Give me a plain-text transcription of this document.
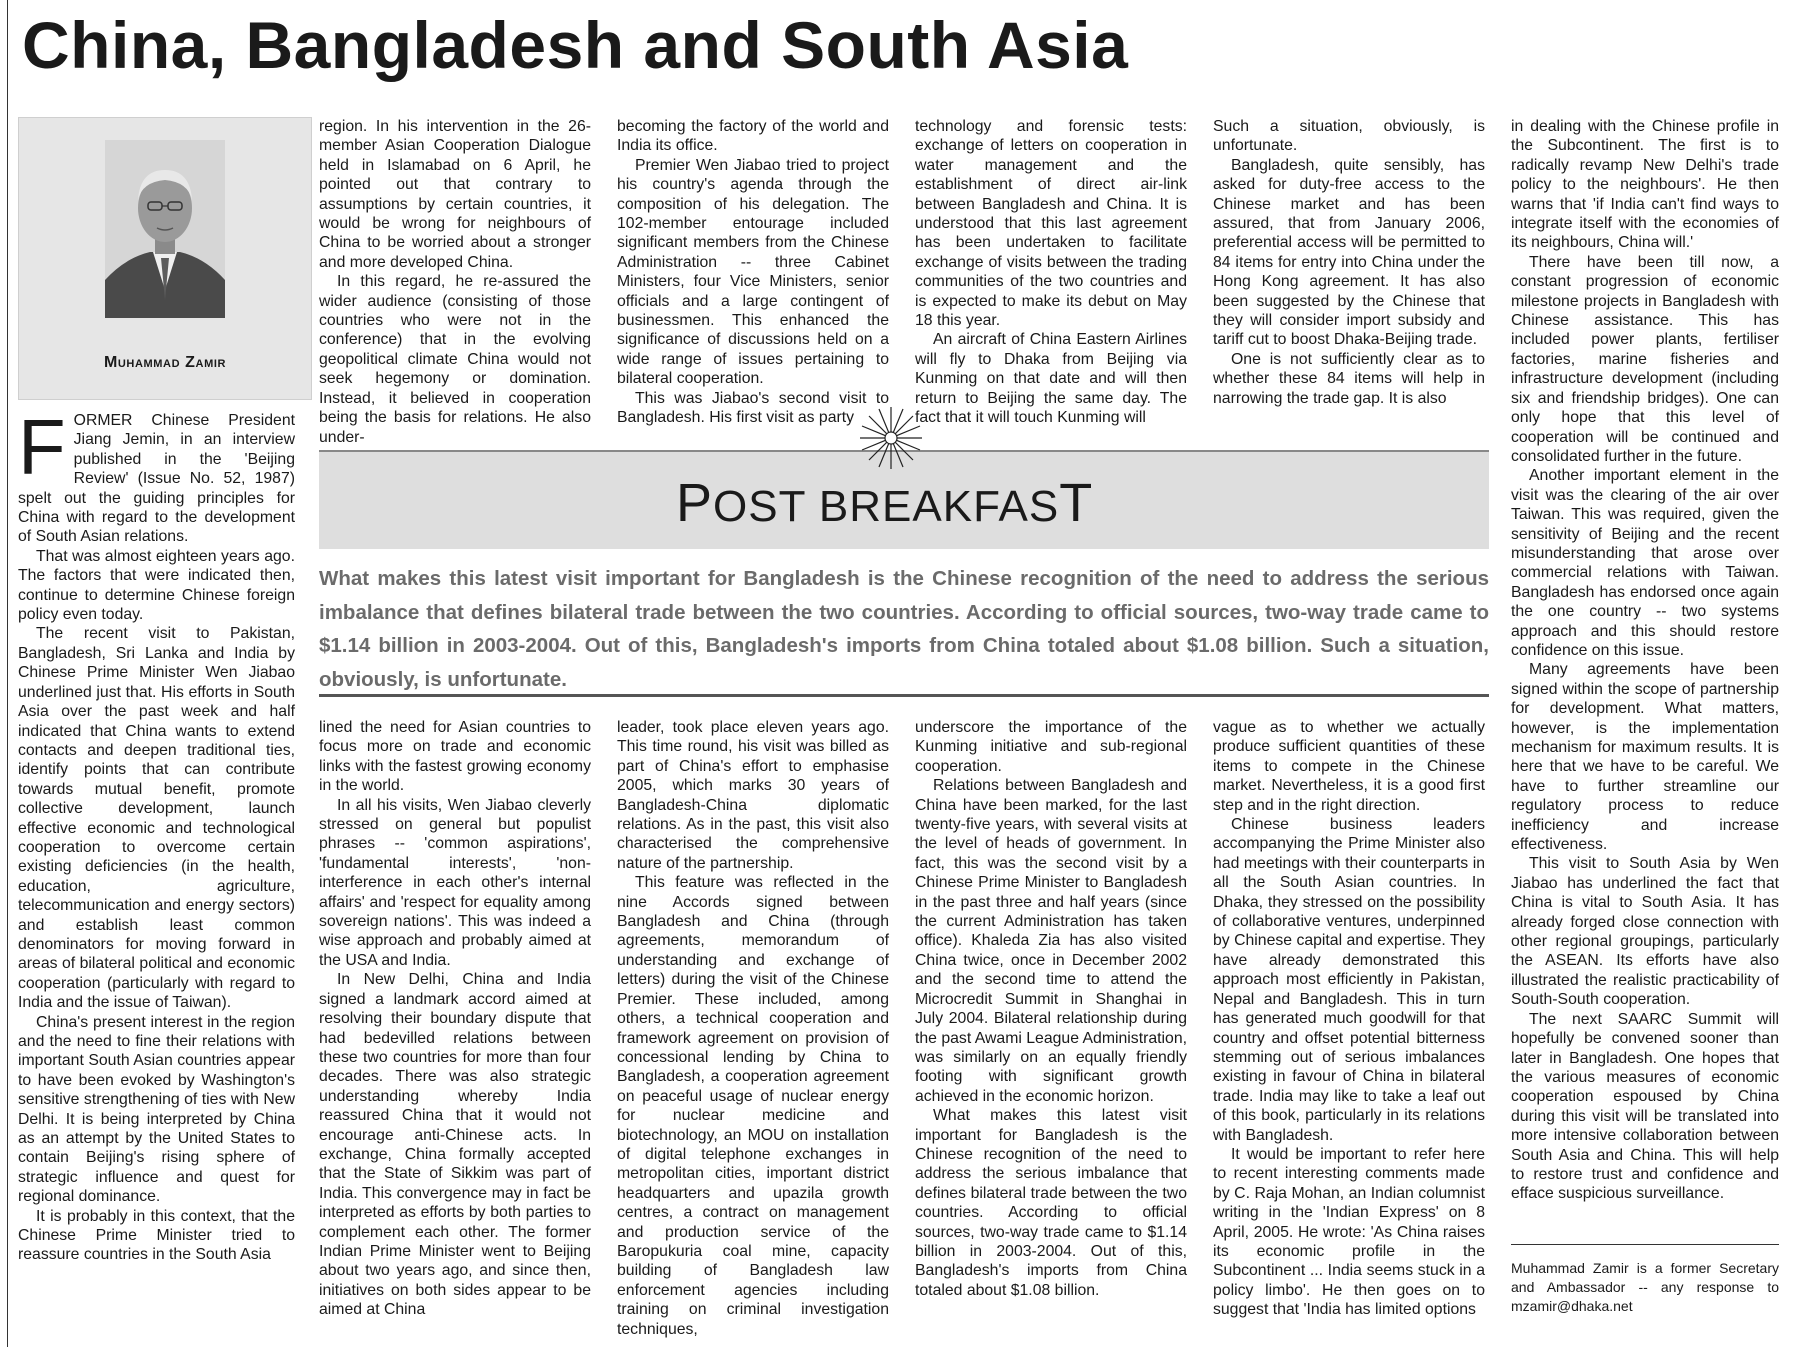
China, Bangladesh and South Asia
Muhammad Zamir

FORMER Chinese President Jiang Jemin, in an interview published in the 'Beijing Review' (Issue No. 52, 1987) spelt out the guiding principles for China with regard to the development of South Asian relations.

That was almost eighteen years ago. The factors that were indicated then, continue to determine Chinese foreign policy even today.

The recent visit to Pakistan, Bangladesh, Sri Lanka and India by Chinese Prime Minister Wen Jiabao underlined just that. His efforts in South Asia over the past week and half indicated that China wants to extend contacts and deepen traditional ties, identify points that can contribute towards mutual benefit, promote collective development, launch effective economic and technological cooperation to overcome certain existing deficiencies (in the health, education, agriculture, telecommunication and energy sectors) and establish least common denominators for moving forward in areas of bilateral political and economic cooperation (particularly with regard to India and the issue of Taiwan).

China's present interest in the region and the need to fine their relations with important South Asian countries appear to have been evoked by Washington's sensitive strengthening of ties with New Delhi. It is being interpreted by China as an attempt by the United States to contain Beijing's rising sphere of strategic influence and quest for regional dominance.

It is probably in this context, that the Chinese Prime Minister tried to reassure countries in the South Asia

region. In his intervention in the 26-member Asian Cooperation Dialogue held in Islamabad on 6 April, he pointed out that contrary to assumptions by certain countries, it would be wrong for neighbours of China to be worried about a stronger and more developed China.

In this regard, he re-assured the wider audience (consisting of those countries who were not in the conference) that in the evolving geopolitical climate China would not seek hegemony or domination. Instead, it believed in cooperation being the basis for relations. He also under-

becoming the factory of the world and India its office.

Premier Wen Jiabao tried to project his country's agenda through the composition of his delegation. The 102-member entourage included significant members from the Chinese Administration -- three Cabinet Ministers, four Vice Ministers, senior officials and a large contingent of businessmen. This enhanced the significance of discussions held on a wide range of issues pertaining to bilateral cooperation.

This was Jiabao's second visit to Bangladesh. His first visit as party

technology and forensic tests: exchange of letters on cooperation in water management and the establishment of direct air-link between Bangladesh and China. It is understood that this last agreement has been undertaken to facilitate exchange of visits between the trading communities of the two countries and is expected to make its debut on May 18 this year.

An aircraft of China Eastern Airlines will fly to Dhaka from Beijing via Kunming on that date and will then return to Beijing the same day. The fact that it will touch Kunming will

Such a situation, obviously, is unfortunate.

Bangladesh, quite sensibly, has asked for duty-free access to the Chinese market and has been assured, that from January 2006, preferential access will be permitted to 84 items for entry into China under the Hong Kong agreement. It has also been suggested by the Chinese that they will consider import subsidy and tariff cut to boost Dhaka-Beijing trade.

One is not sufficiently clear as to whether these 84 items will help in narrowing the trade gap. It is also

POST BREAKFAST
What makes this latest visit important for Bangladesh is the Chinese recognition of the need to address the serious imbalance that defines bilateral trade between the two countries. According to official sources, two-way trade came to $1.14 billion in 2003-2004. Out of this, Bangladesh's imports from China totaled about $1.08 billion. Such a situation, obviously, is unfortunate.

lined the need for Asian countries to focus more on trade and economic links with the fastest growing economy in the world.

In all his visits, Wen Jiabao cleverly stressed on general but populist phrases -- 'common aspirations', 'fundamental interests', 'non-interference in each other's internal affairs' and 'respect for equality among sovereign nations'. This was indeed a wise approach and probably aimed at the USA and India.

In New Delhi, China and India signed a landmark accord aimed at resolving their boundary dispute that had bedevilled relations between these two countries for more than four decades. There was also strategic understanding whereby India reassured China that it would not encourage anti-Chinese acts. In exchange, China formally accepted that the State of Sikkim was part of India. This convergence may in fact be interpreted as efforts by both parties to complement each other. The former Indian Prime Minister went to Beijing about two years ago, and since then, initiatives on both sides appear to be aimed at China

leader, took place eleven years ago. This time round, his visit was billed as part of China's effort to emphasise 2005, which marks 30 years of Bangladesh-China diplomatic relations. As in the past, this visit also characterised the comprehensive nature of the partnership.

This feature was reflected in the nine Accords signed between Bangladesh and China (through agreements, memorandum of understanding and exchange of letters) during the visit of the Chinese Premier. These included, among others, a technical cooperation and framework agreement on provision of concessional lending by China to Bangladesh, a cooperation agreement on peaceful usage of nuclear energy for nuclear medicine and biotechnology, an MOU on installation of digital telephone exchanges in metropolitan cities, important district headquarters and upazila growth centres, a contract on management and production service of the Baropukuria coal mine, capacity building of Bangladesh law enforcement agencies including training on criminal investigation techniques,

underscore the importance of the Kunming initiative and sub-regional cooperation.

Relations between Bangladesh and China have been marked, for the last twenty-five years, with several visits at the level of heads of government. In fact, this was the second visit by a Chinese Prime Minister to Bangladesh in the past three and half years (since the current Administration has taken office). Khaleda Zia has also visited China twice, once in December 2002 and the second time to attend the Microcredit Summit in Shanghai in July 2004. Bilateral relationship during the past Awami League Administration, was similarly on an equally friendly footing with significant growth achieved in the economic horizon.

What makes this latest visit important for Bangladesh is the Chinese recognition of the need to address the serious imbalance that defines bilateral trade between the two countries. According to official sources, two-way trade came to $1.14 billion in 2003-2004. Out of this, Bangladesh's imports from China totaled about $1.08 billion.

vague as to whether we actually produce sufficient quantities of these items to compete in the Chinese market. Nevertheless, it is a good first step and in the right direction.

Chinese business leaders accompanying the Prime Minister also had meetings with their counterparts in all the South Asian countries. In Dhaka, they stressed on the possibility of collaborative ventures, underpinned by Chinese capital and expertise. They have already demonstrated this approach most efficiently in Pakistan, Nepal and Bangladesh. This in turn has generated much goodwill for that country and offset potential bitterness stemming out of serious imbalances existing in favour of China in bilateral trade. India may like to take a leaf out of this book, particularly in its relations with Bangladesh.

It would be important to refer here to recent interesting comments made by C. Raja Mohan, an Indian columnist writing in the 'Indian Express' on 8 April, 2005. He wrote: 'As China raises its economic profile in the Subcontinent ... India seems stuck in a policy limbo'. He then goes on to suggest that 'India has limited options

in dealing with the Chinese profile in the Subcontinent. The first is to radically revamp New Delhi's trade policy to the neighbours'. He then warns that 'if India can't find ways to integrate itself with the economies of its neighbours, China will.'

There have been till now, a constant progression of economic milestone projects in Bangladesh with Chinese assistance. This has included power plants, fertiliser factories, marine fisheries and infrastructure development (including six and friendship bridges). One can only hope that this level of cooperation will be continued and consolidated further in the future.

Another important element in the visit was the clearing of the air over Taiwan. This was required, given the sensitivity of Beijing and the recent misunderstanding that arose over commercial relations with Taiwan. Bangladesh has endorsed once again the one country -- two systems approach and this should restore confidence on this issue.

Many agreements have been signed within the scope of partnership for development. What matters, however, is the implementation mechanism for maximum results. It is here that we have to be careful. We have to further streamline our regulatory process to reduce inefficiency and increase effectiveness.

This visit to South Asia by Wen Jiabao has underlined the fact that China is vital to South Asia. It has already forged close connection with other regional groupings, particularly the ASEAN. Its efforts have also illustrated the realistic practicability of South-South cooperation.

The next SAARC Summit will hopefully be convened sooner than later in Bangladesh. One hopes that the various measures of economic cooperation espoused by China during this visit will be translated into more intensive collaboration between South Asia and China. This will help to restore trust and confidence and efface suspicious surveillance.

Muhammad Zamir is a former Secretary and Ambassador -- any response to mzamir@dhaka.net
